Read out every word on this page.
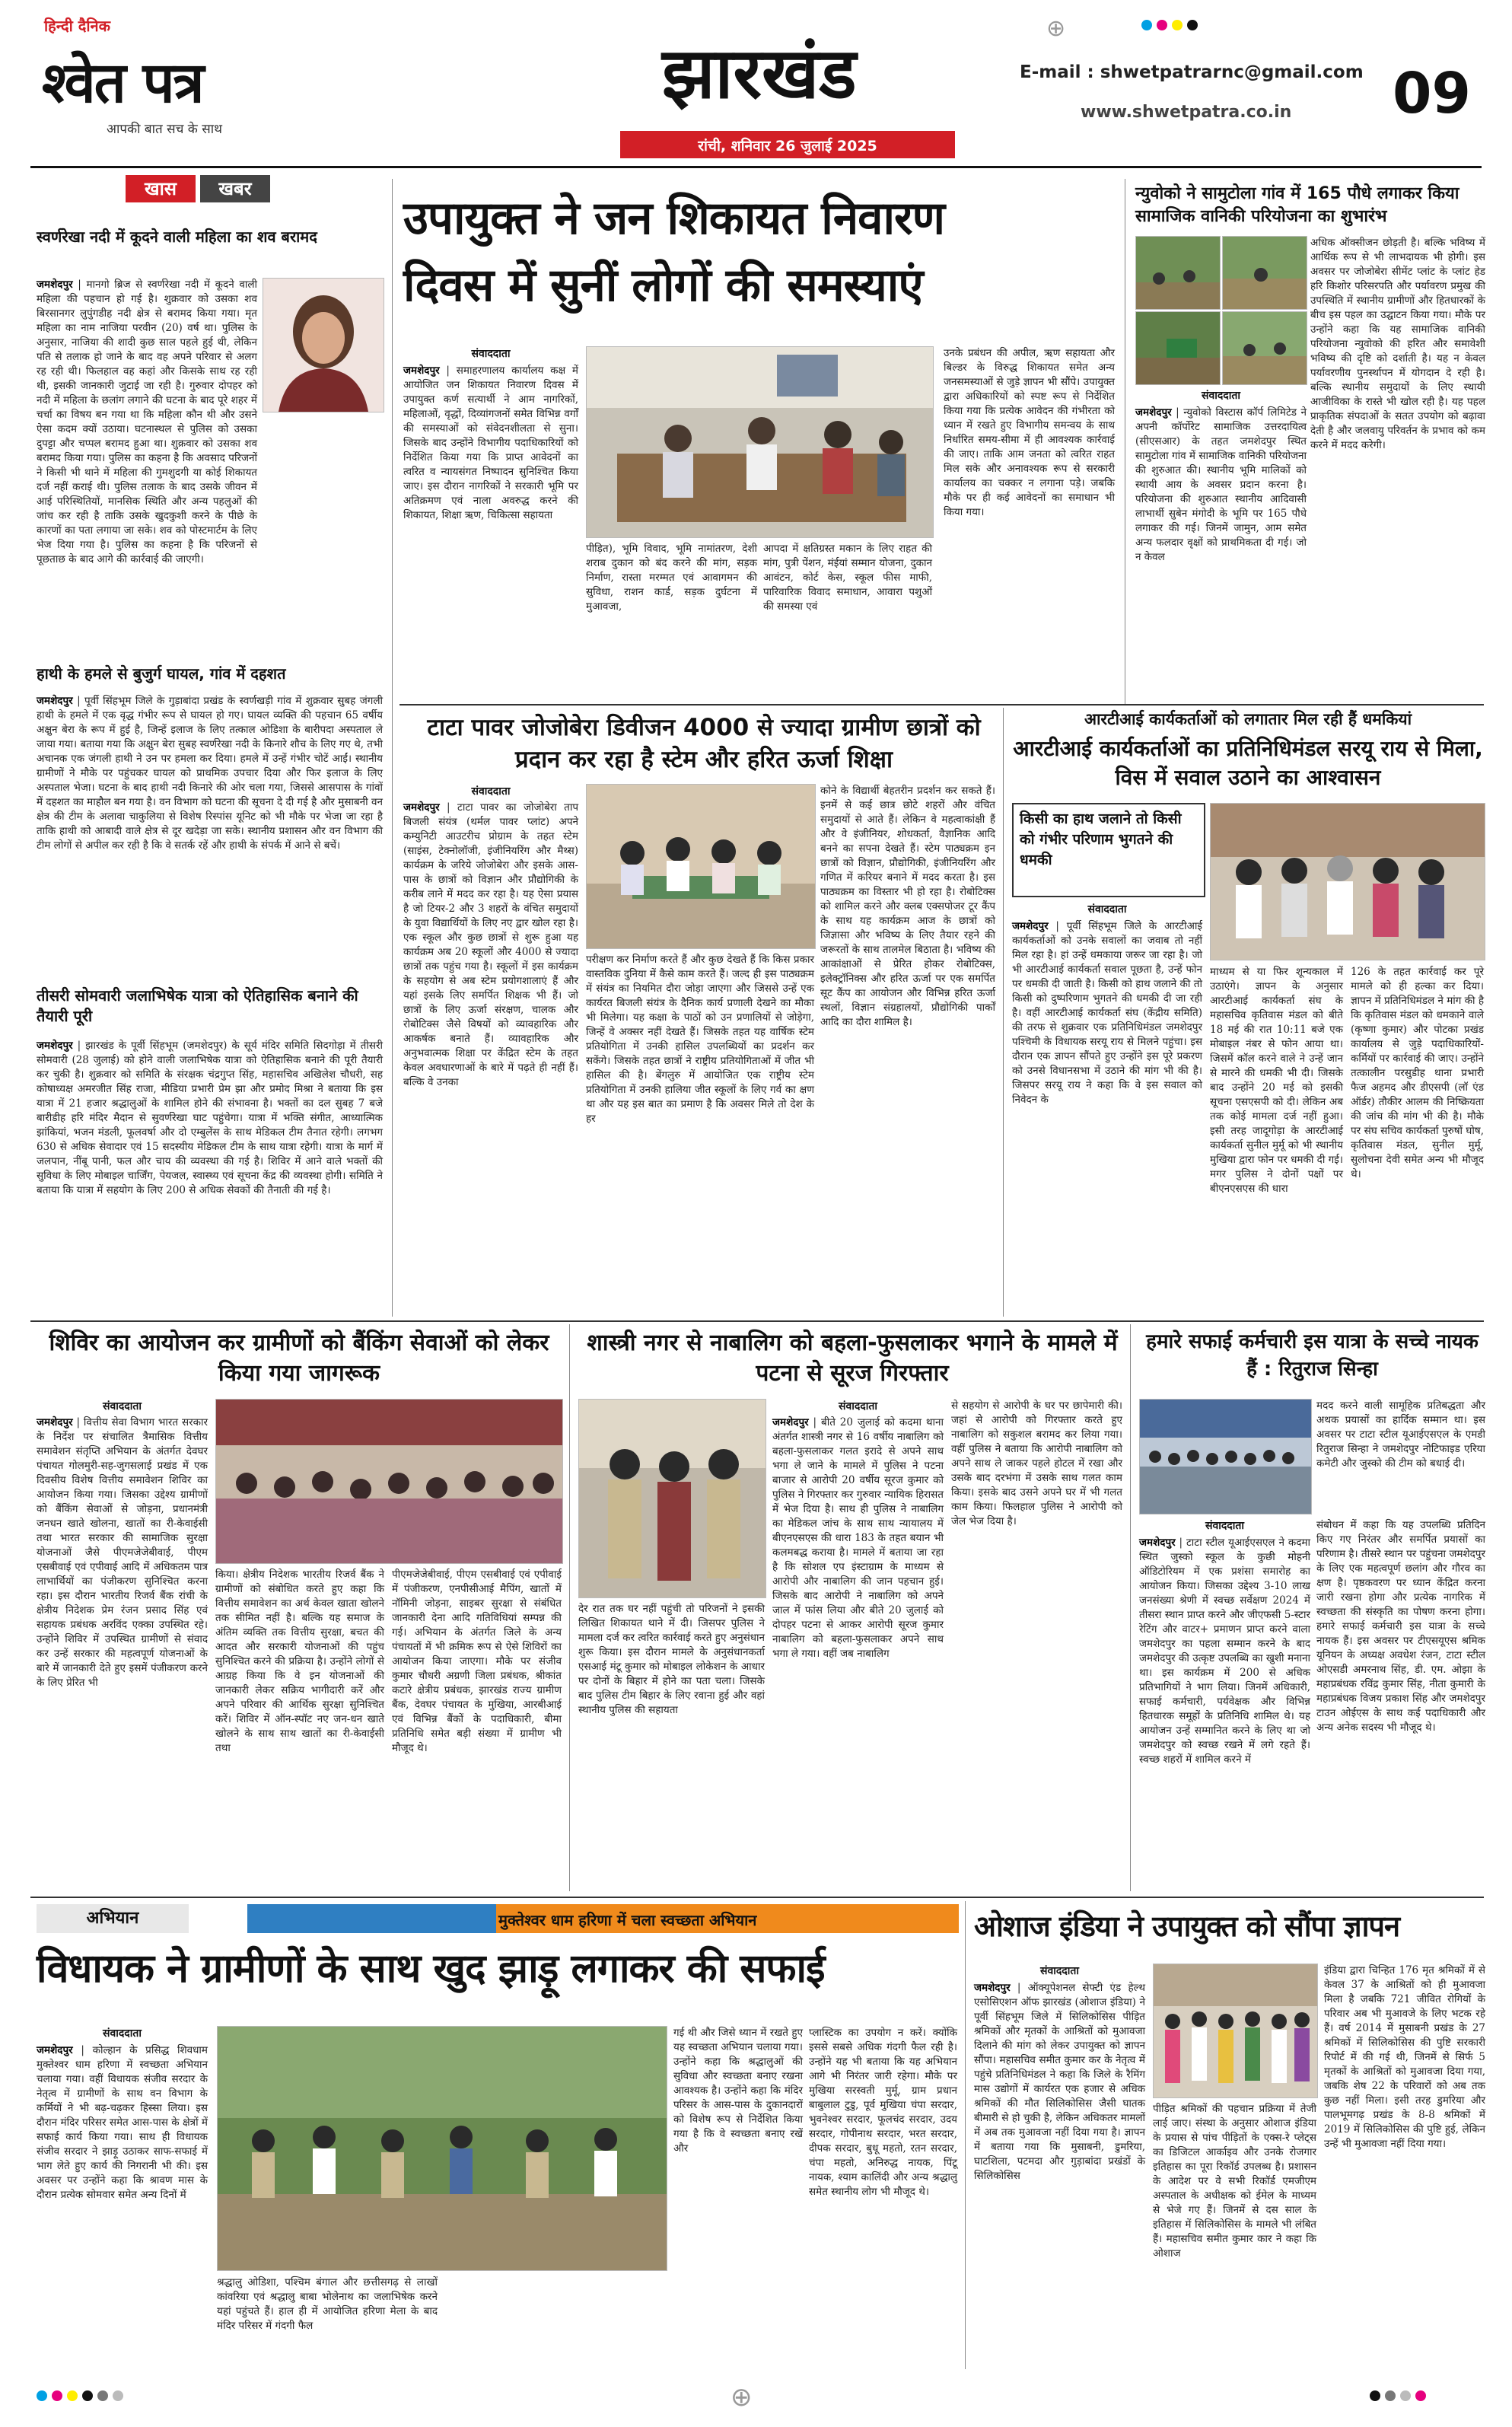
हिन्दी दैनिक
श्वेत पत्र
आपकी बात सच के साथ
झारखंड
रांची, शनिवार 26 जुलाई 2025
E-mail : shwetpatrarnc@gmail.com
www.shwetpatra.co.in 09
⊕
खास	खबर
स्वर्णरेखा नदी में कूदने वाली महिला का शव बरामद
जमशेदपुर | मानगो ब्रिज से स्वर्णरेखा नदी में कूदने वाली महिला की पहचान हो गई है। शुक्रवार को उसका शव बिरसानगर लुपुंगडीह नदी क्षेत्र से बरामद किया गया। मृत महिला का नाम नाजिया परवीन (20) वर्ष था। पुलिस के अनुसार, नाजिया की शादी कुछ साल पहले हुई थी, लेकिन पति से तलाक हो जाने के बाद वह अपने परिवार से अलग रह रही थी। फिलहाल वह कहां और किसके साथ रह रही थी, इसकी जानकारी जुटाई जा रही है। गुरुवार दोपहर को नदी में महिला के छलांग लगाने की घटना के बाद पूरे शहर में चर्चा का विषय बन गया था कि महिला कौन थी और उसने ऐसा कदम क्यों उठाया। घटनास्थल से पुलिस को उसका दुपट्टा और चप्पल बरामद हुआ था। शुक्रवार को उसका शव बरामद किया गया। पुलिस का कहना है कि अवसाद परिजनों ने किसी भी थाने में महिला की गुमशुदगी या कोई शिकायत दर्ज नहीं कराई थी। पुलिस तलाक के बाद उसके जीवन में आई परिस्थितियों, मानसिक स्थिति और अन्य पहलुओं की जांच कर रही है ताकि उसके खुदकुशी करने के पीछे के कारणों का पता लगाया जा सके। शव को पोस्टमार्टम के लिए भेज दिया गया है। पुलिस का कहना है कि परिजनों से पूछताछ के बाद आगे की कार्रवाई की जाएगी।
हाथी के हमले से बुजुर्ग घायल, गांव में दहशत
जमशेदपुर | पूर्वी सिंहभूम जिले के गुड़ाबांदा प्रखंड के स्वर्णखड़ी गांव में शुक्रवार सुबह जंगली हाथी के हमले में एक वृद्ध गंभीर रूप से घायल हो गए। घायल व्यक्ति की पहचान 65 वर्षीय अक्षुन बेरा के रूप में हुई है, जिन्हें इलाज के लिए तत्काल ओडिशा के बारीपदा अस्पताल ले जाया गया। बताया गया कि अक्षुन बेरा सुबह स्वर्णरेखा नदी के किनारे शौच के लिए गए थे, तभी अचानक एक जंगली हाथी ने उन पर हमला कर दिया। हमले में उन्हें गंभीर चोटें आईं। स्थानीय ग्रामीणों ने मौके पर पहुंचकर घायल को प्राथमिक उपचार दिया और फिर इलाज के लिए अस्पताल भेजा। घटना के बाद हाथी नदी किनारे की ओर चला गया, जिससे आसपास के गांवों में दहशत का माहौल बन गया है। वन विभाग को घटना की सूचना दे दी गई है और मुसाबनी वन क्षेत्र की टीम के अलावा चाकुलिया से विशेष रिस्पांस यूनिट को भी मौके पर भेजा जा रहा है ताकि हाथी को आबादी वाले क्षेत्र से दूर खदेड़ा जा सके। स्थानीय प्रशासन और वन विभाग की टीम लोगों से अपील कर रही है कि वे सतर्क रहें और हाथी के संपर्क में आने से बचें।
तीसरी सोमवारी जलाभिषेक यात्रा को ऐतिहासिक बनाने की तैयारी पूरी
जमशेदपुर | झारखंड के पूर्वी सिंहभूम (जमशेदपुर) के सूर्य मंदिर समिति सिदगोड़ा में तीसरी सोमवारी (28 जुलाई) को होने वाली जलाभिषेक यात्रा को ऐतिहासिक बनाने की पूरी तैयारी कर चुकी है। शुक्रवार को समिति के संरक्षक चंद्रगुप्त सिंह, महासचिव अखिलेश चौधरी, सह कोषाध्यक्ष अमरजीत सिंह राजा, मीडिया प्रभारी प्रेम झा और प्रमोद मिश्रा ने बताया कि इस यात्रा में 21 हजार श्रद्धालुओं के शामिल होने की संभावना है। भक्तों का दल सुबह 7 बजे बारीडीह हरि मंदिर मैदान से सुवर्णरेखा घाट पहुंचेगा। यात्रा में भक्ति संगीत, आध्यात्मिक झांकियां, भजन मंडली, फूलवर्षा और दो एम्बुलेंस के साथ मेडिकल टीम तैनात रहेगी। लगभग 630 से अधिक सेवादार एवं 15 सदस्यीय मेडिकल टीम के साथ यात्रा रहेगी। यात्रा के मार्ग में जलपान, नींबू पानी, फल और चाय की व्यवस्था की गई है। शिविर में आने वाले भक्तों की सुविधा के लिए मोबाइल चार्जिंग, पेयजल, स्वास्थ्य एवं सूचना केंद्र की व्यवस्था होगी। समिति ने बताया कि यात्रा में सहयोग के लिए 200 से अधिक सेवकों की तैनाती की गई है।
उपायुक्त ने जन शिकायत निवारण
दिवस में सुनीं लोगों की समस्याएं
संवाददाता
जमशेदपुर | समाहरणालय कार्यालय कक्ष में आयोजित जन शिकायत निवारण दिवस में उपायुक्त कर्ण सत्यार्थी ने आम नागरिकों, महिलाओं, वृद्धों, दिव्यांगजनों समेत विभिन्न वर्गों की समस्याओं को संवेदनशीलता से सुना। जिसके बाद उन्होंने विभागीय पदाधिकारियों को निर्देशित किया गया कि प्राप्त आवेदनों का त्वरित व न्यायसंगत निष्पादन सुनिश्चित किया जाए। इस दौरान नागरिकों ने सरकारी भूमि पर अतिक्रमण एवं नाला अवरुद्ध करने की शिकायत, शिक्षा ऋण, चिकित्सा सहायता
पीड़ित), भूमि विवाद, भूमि नामांतरण, देशी शराब दुकान को बंद करने की मांग, सड़क निर्माण, रास्ता मरम्मत एवं आवागमन की सुविधा, राशन कार्ड, सड़क दुर्घटना में मुआवजा,
आपदा में क्षतिग्रस्त मकान के लिए राहत की मांग, पुत्री पेंशन, मंईयां सम्मान योजना, दुकान आवंटन, कोर्ट केस, स्कूल फीस माफी, पारिवारिक विवाद समाधान, आवारा पशुओं की समस्या एवं
उनके प्रबंधन की अपील, ऋण सहायता और बिल्डर के विरुद्ध शिकायत समेत अन्य जनसमस्याओं से जुड़े ज्ञापन भी सौंपे। उपायुक्त द्वारा अधिकारियों को स्पष्ट रूप से निर्देशित किया गया कि प्रत्येक आवेदन की गंभीरता को ध्यान में रखते हुए विभागीय समन्वय के साथ निर्धारित समय-सीमा में ही आवश्यक कार्रवाई की जाए। ताकि आम जनता को त्वरित राहत मिल सके और अनावश्यक रूप से सरकारी कार्यालय का चक्कर न लगाना पड़े। जबकि मौके पर ही कई आवेदनों का समाधान भी किया गया।
न्युवोको ने सामुटोला गांव में 165 पौधे लगाकर किया सामाजिक वानिकी परियोजना का शुभारंभ
अधिक ऑक्सीजन छोड़ती है। बल्कि भविष्य में आर्थिक रूप से भी लाभदायक भी होगी। इस अवसर पर जोजोबेरा सीमेंट प्लांट के प्लांट हेड हरि किशोर परिसरपति और पर्यावरण प्रमुख की उपस्थिति में स्थानीय ग्रामीणों और हितधारकों के बीच इस पहल का उद्घाटन किया गया। मौके पर उन्होंने कहा कि यह सामाजिक वानिकी परियोजना न्युवोको की हरित और समावेशी भविष्य की दृष्टि को दर्शाती है। यह न केवल पर्यावरणीय पुनर्स्थापन में योगदान दे रही है। बल्कि स्थानीय समुदायों के लिए स्थायी आजीविका के रास्ते भी खोल रही है। यह पहल प्राकृतिक संपदाओं के सतत उपयोग को बढ़ावा देती है और जलवायु परिवर्तन के प्रभाव को कम करने में मदद करेगी।
संवाददाता
जमशेदपुर | न्युवोको विस्टास कॉर्प लिमिटेड ने अपनी कॉर्पोरेट सामाजिक उत्तरदायित्व (सीएसआर) के तहत जमशेदपुर स्थित सामुटोला गांव में सामाजिक वानिकी परियोजना की शुरुआत की। स्थानीय भूमि मालिकों को स्थायी आय के अवसर प्रदान करना है। परियोजना की शुरुआत स्थानीय आदिवासी लाभार्थी सुबेन मंगोदी के भूमि पर 165 पौधे लगाकर की गई। जिनमें जामुन, आम समेत अन्य फलदार वृक्षों को प्राथमिकता दी गई। जो न केवल
टाटा पावर जोजोबेरा डिवीजन 4000 से ज्यादा ग्रामीण छात्रों को प्रदान कर रहा है स्टेम और हरित ऊर्जा शिक्षा
संवाददाता
जमशेदपुर | टाटा पावर का जोजोबेरा ताप बिजली संयंत्र (थर्मल पावर प्लांट) अपने कम्युनिटी आउटरीच प्रोग्राम के तहत स्टेम (साइंस, टेक्नोलॉजी, इंजीनियरिंग और मैथ्स) कार्यक्रम के जरिये जोजोबेरा और इसके आस-पास के छात्रों को विज्ञान और प्रौद्योगिकी के करीब लाने में मदद कर रहा है। यह ऐसा प्रयास है जो टियर-2 और 3 शहरों के वंचित समुदायों के युवा विद्यार्थियों के लिए नए द्वार खोल रहा है। एक स्कूल और कुछ छात्रों से शुरू हुआ यह कार्यक्रम अब 20 स्कूलों और 4000 से ज्यादा छात्रों तक पहुंच गया है। स्कूलों में इस कार्यक्रम के सहयोग से अब स्टेम प्रयोगशालाएं हैं और यहां इसके लिए समर्पित शिक्षक भी हैं। जो छात्रों के लिए ऊर्जा संरक्षण, चालक और रोबोटिक्स जैसे विषयों को व्यावहारिक और आकर्षक बनाते हैं। व्यावहारिक और अनुभवात्मक शिक्षा पर केंद्रित स्टेम के तहत केवल अवधारणाओं के बारे में पढ़ते ही नहीं हैं। बल्कि वे उनका
कोने के विद्यार्थी बेहतरीन प्रदर्शन कर सकते हैं। इनमें से कई छात्र छोटे शहरों और वंचित समुदायों से आते हैं। लेकिन वे महत्वाकांक्षी हैं और वे इंजीनियर, शोधकर्ता, वैज्ञानिक आदि बनने का सपना देखते हैं। स्टेम पाठ्यक्रम इन छात्रों को विज्ञान, प्रौद्योगिकी, इंजीनियरिंग और गणित में करियर बनाने में मदद करता है। इस पाठ्यक्रम का विस्तार भी हो रहा है। रोबोटिक्स को शामिल करने और क्लब एक्सपोजर टूर कैंप के साथ यह कार्यक्रम आज के छात्रों को जिज्ञासा और भविष्य के लिए तैयार रहने की जरूरतों के साथ तालमेल बिठाता है। भविष्य की आकांक्षाओं से प्रेरित होकर रोबोटिक्स, इलेक्ट्रॉनिक्स और हरित ऊर्जा पर एक समर्पित सूट कैंप का आयोजन और विभिन्न हरित ऊर्जा स्थलों, विज्ञान संग्रहालयों, प्रौद्योगिकी पार्कों आदि का दौरा शामिल है।
परीक्षण कर निर्माण करते हैं और कुछ देखते हैं कि किस प्रकार वास्तविक दुनिया में कैसे काम करते हैं। जल्द ही इस पाठ्यक्रम में संयंत्र का नियमित दौरा जोड़ा जाएगा और जिससे उन्हें एक कार्यरत बिजली संयंत्र के दैनिक कार्य प्रणाली देखने का मौका भी मिलेगा। यह कक्षा के पाठों को उन प्रणालियों से जोड़ेगा, जिन्हें वे अक्सर नहीं देखते हैं। जिसके तहत यह वार्षिक स्टेम प्रतियोगिता में उनकी हासिल उपलब्धियों का प्रदर्शन कर सकेंगे। जिसके तहत छात्रों ने राष्ट्रीय प्रतियोगिताओं में जीत भी हासिल की है। बेंगलुरु में आयोजित एक राष्ट्रीय स्टेम प्रतियोगिता में उनकी हालिया जीत स्कूलों के लिए गर्व का क्षण था और यह इस बात का प्रमाण है कि अवसर मिले तो देश के हर
आरटीआई कार्यकर्ताओं को लगातार मिल रही हैं धमकियां
आरटीआई कार्यकर्ताओं का प्रतिनिधिमंडल सरयू राय से मिला, विस में सवाल उठाने का आश्वासन
किसी का हाथ जलाने तो किसी को गंभीर परिणाम भुगतने की धमकी
संवाददाता
जमशेदपुर | पूर्वी सिंहभूम जिले के आरटीआई कार्यकर्ताओं को उनके सवालों का जवाब तो नहीं मिल रहा है। हां उन्हें धमकाया जरूर जा रहा है। जो भी आरटीआई कार्यकर्ता सवाल पूछता है, उन्हें फोन पर धमकी दी जाती है। किसी को हाथ जलाने की तो किसी को दुष्परिणाम भुगतने की धमकी दी जा रही है। वहीं आरटीआई कार्यकर्ता संघ (केंद्रीय समिति) की तरफ से शुक्रवार एक प्रतिनिधिमंडल जमशेदपुर पश्चिमी के विधायक सरयू राय से मिलने पहुंचा। इस दौरान एक ज्ञापन सौंपते हुए उन्होंने इस पूरे प्रकरण को उनसे विधानसभा में उठाने की मांग भी की है। जिसपर सरयू राय ने कहा कि वे इस सवाल को निवेदन के
माध्यम से या फिर शून्यकाल में उठाएंगे। ज्ञापन के अनुसार आरटीआई कार्यकर्ता संघ के महासचिव कृतिवास मंडल को बीते 18 मई की रात 10:11 बजे एक मोबाइल नंबर से फोन आया था। जिसमें कॉल करने वाले ने उन्हें जान से मारने की धमकी भी दी। जिसके बाद उन्होंने 20 मई को इसकी सूचना एसएसपी को दी। लेकिन अब तक कोई मामला दर्ज नहीं हुआ। इसी तरह जादूगोड़ा के आरटीआई कार्यकर्ता सुनील मुर्मू को भी स्थानीय मुखिया द्वारा फोन पर धमकी दी गई। मगर पुलिस ने दोनों पक्षों पर बीएनएसएस की धारा
126 के तहत कार्रवाई कर पूरे मामले को ही हल्का कर दिया। ज्ञापन में प्रतिनिधिमंडल ने मांग की है कि कृतिवास मंडल को धमकाने वाले (कृष्णा कुमार) और पोटका प्रखंड कार्यालय से जुड़े पदाधिकारियों-कर्मियों पर कार्रवाई की जाए। उन्होंने तत्कालीन परसुडीह थाना प्रभारी फैज अहमद और डीएसपी (लॉ एंड ऑर्डर) तौकीर आलम की निष्क्रियता की जांच की मांग भी की है। मौके पर संघ सचिव कार्यकर्ता पुरुषों घोष, कृतिवास मंडल, सुनील मुर्मू, सुलोचना देवी समेत अन्य भी मौजूद थे।
शिविर का आयोजन कर ग्रामीणों को बैंकिंग सेवाओं को लेकर किया गया जागरूक
संवाददाता
जमशेदपुर | वित्तीय सेवा विभाग भारत सरकार के निर्देश पर संचालित त्रैमासिक वित्तीय समावेशन संतृप्ति अभियान के अंतर्गत देवघर पंचायत गोलमुरी-सह-जुगसलाई प्रखंड में एक दिवसीय विशेष वित्तीय समावेशन शिविर का आयोजन किया गया। जिसका उद्देश्य ग्रामीणों को बैंकिंग सेवाओं से जोड़ना, प्रधानमंत्री जनधन खाते खोलना, खातों का री-केवाईसी तथा भारत सरकार की सामाजिक सुरक्षा योजनाओं जैसे पीएमजेजेबीवाई, पीएम एसबीवाई एवं एपीवाई आदि में अधिकतम पात्र लाभार्थियों का पंजीकरण सुनिश्चित करना रहा। इस दौरान भारतीय रिजर्व बैंक रांची के क्षेत्रीय निदेशक प्रेम रंजन प्रसाद सिंह एवं सहायक प्रबंधक अरविंद एक्का उपस्थित रहे। उन्होंने शिविर में उपस्थित ग्रामीणों से संवाद कर उन्हें सरकार की महत्वपूर्ण योजनाओं के बारे में जानकारी देते हुए इसमें पंजीकरण करने के लिए प्रेरित भी
किया। क्षेत्रीय निदेशक भारतीय रिजर्व बैंक ने ग्रामीणों को संबोधित करते हुए कहा कि वित्तीय समावेशन का अर्थ केवल खाता खोलने तक सीमित नहीं है। बल्कि यह समाज के अंतिम व्यक्ति तक वित्तीय सुरक्षा, बचत की आदत और सरकारी योजनाओं की पहुंच सुनिश्चित करने की प्रक्रिया है। उन्होंने लोगों से आग्रह किया कि वे इन योजनाओं की जानकारी लेकर सक्रिय भागीदारी करें और अपने परिवार की आर्थिक सुरक्षा सुनिश्चित करें। शिविर में ऑन-स्पॉट नए जन-धन खाते खोलने के साथ साथ खातों का री-केवाईसी तथा
पीएमजेजेबीवाई, पीएम एसबीवाई एवं एपीवाई में पंजीकरण, एनपीसीआई मैपिंग, खातों में नॉमिनी जोड़ना, साइबर सुरक्षा से संबंधित जानकारी देना आदि गतिविधियां सम्पन्न की गई। अभियान के अंतर्गत जिले के अन्य पंचायतों में भी क्रमिक रूप से ऐसे शिविरों का आयोजन किया जाएगा। मौके पर संजीव कुमार चौधरी अग्रणी जिला प्रबंधक, श्रीकांत कटारे क्षेत्रीय प्रबंधक, झारखंड राज्य ग्रामीण बैंक, देवघर पंचायत के मुखिया, आरबीआई एवं विभिन्न बैंकों के पदाधिकारी, बीमा प्रतिनिधि समेत बड़ी संख्या में ग्रामीण भी मौजूद थे।
शास्त्री नगर से नाबालिग को बहला-फुसलाकर भगाने के मामले में पटना से सूरज गिरफ्तार
संवाददाता
जमशेदपुर | बीते 20 जुलाई को कदमा थाना अंतर्गत शास्त्री नगर से 16 वर्षीय नाबालिग को बहला-फुसलाकर गलत इरादे से अपने साथ भगा ले जाने के मामले में पुलिस ने पटना बाजार से आरोपी 20 वर्षीय सूरज कुमार को पुलिस ने गिरफ्तार कर गुरुवार न्यायिक हिरासत में भेज दिया है। साथ ही पुलिस ने नाबालिग का मेडिकल जांच के साथ साथ न्यायालय में बीएनएसएस की धारा 183 के तहत बयान भी कलमबद्ध कराया है। मामले में बताया जा रहा है कि सोशल एप इंस्टाग्राम के माध्यम से आरोपी और नाबालिग की जान पहचान हुई। जिसके बाद आरोपी ने नाबालिग को अपने जाल में फांस लिया और बीते 20 जुलाई को दोपहर पटना से आकर आरोपी सूरज कुमार नाबालिग को बहला-फुसलाकर अपने साथ भगा ले गया। वहीं जब नाबालिग
देर रात तक घर नहीं पहुंची तो परिजनों ने इसकी लिखित शिकायत थाने में दी। जिसपर पुलिस ने मामला दर्ज कर त्वरित कार्रवाई करते हुए अनुसंधान शुरू किया। इस दौरान मामले के अनुसंधानकर्ता एसआई मंटू कुमार को मोबाइल लोकेशन के आधार पर दोनों के बिहार में होने का पता चला। जिसके बाद पुलिस टीम बिहार के लिए रवाना हुई और वहां स्थानीय पुलिस की सहायता
से सहयोग से आरोपी के घर पर छापेमारी की। जहां से आरोपी को गिरफ्तार करते हुए नाबालिग को सकुशल बरामद कर लिया गया। वहीं पुलिस ने बताया कि आरोपी नाबालिग को अपने साथ ले जाकर पहले होटल में रखा और उसके बाद दरभंगा में उसके साथ गलत काम किया। इसके बाद उसने अपने घर में भी गलत काम किया। फिलहाल पुलिस ने आरोपी को जेल भेज दिया है।
हमारे सफाई कर्मचारी इस यात्रा के सच्चे नायक हैं : रितुराज सिन्हा
मदद करने वाली सामूहिक प्रतिबद्धता और अथक प्रयासों का हार्दिक सम्मान था। इस अवसर पर टाटा स्टील यूआईएसएल के एमडी रितुराज सिन्हा ने जमशेदपुर नोटिफाइड एरिया कमेटी और जुस्को की टीम को बधाई दी।
संवाददाता
जमशेदपुर | टाटा स्टील यूआईएसएल ने कदमा स्थित जुस्को स्कूल के कुछी मोहनी ऑडिटोरियम में एक प्रशंसा समारोह का आयोजन किया। जिसका उद्देश्य 3-10 लाख जनसंख्या श्रेणी में स्वच्छ सर्वेक्षण 2024 में तीसरा स्थान प्राप्त करने और जीएफसी 5-स्टार रेटिंग और वाटर+ प्रमाणन प्राप्त करने वाला जमशेदपुर का पहला सम्मान करने के बाद जमशेदपुर की उत्कृष्ट उपलब्धि का खुशी मनाना था। इस कार्यक्रम में 200 से अधिक प्रतिभागियों ने भाग लिया। जिनमें अधिकारी, सफाई कर्मचारी, पर्यवेक्षक और विभिन्न हितधारक समूहों के प्रतिनिधि शामिल थे। यह आयोजन उन्हें सम्मानित करने के लिए था जो जमशेदपुर को स्वच्छ रखने में लगे रहते हैं। स्वच्छ शहरों में शामिल करने में
संबोधन में कहा कि यह उपलब्धि प्रतिदिन किए गए निरंतर और समर्पित प्रयासों का परिणाम है। तीसरे स्थान पर पहुंचना जमशेदपुर के लिए एक महत्वपूर्ण छलांग और गौरव का क्षण है। पृष्ठकवरण पर ध्यान केंद्रित करना जारी रखना होगा और प्रत्येक नागरिक में स्वच्छता की संस्कृति का पोषण करना होगा। हमारे सफाई कर्मचारी इस यात्रा के सच्चे नायक हैं। इस अवसर पर टीएसयूएस श्रमिक यूनियन के अध्यक्ष अवधेश रंजन, टाटा स्टील ओएसडी अमरनाथ सिंह, डी. एम. ओझा के महाप्रबंधक रविंद्र कुमार सिंह, नीता कुमारी के महाप्रबंधक विजय प्रकाश सिंह और जमशेदपुर टाउन ओईएस के साथ कई पदाधिकारी और अन्य अनेक सदस्य भी मौजूद थे।
अभियान	मुक्तेश्वर धाम हरिणा में चला स्वच्छता अभियान
विधायक ने ग्रामीणों के साथ खुद झाड़ू लगाकर की सफाई
संवाददाता
जमशेदपुर | कोल्हान के प्रसिद्ध शिवधाम मुक्तेश्वर धाम हरिणा में स्वच्छता अभियान चलाया गया। वहीं विधायक संजीव सरदार के नेतृत्व में ग्रामीणों के साथ वन विभाग के कर्मियों ने भी बढ़-चढ़कर हिस्सा लिया। इस दौरान मंदिर परिसर समेत आस-पास के क्षेत्रों में सफाई कार्य किया गया। साथ ही विधायक संजीव सरदार ने झाड़ू उठाकर साफ-सफाई में भाग लेते हुए कार्य की निगरानी भी की। इस अवसर पर उन्होंने कहा कि श्रावण मास के दौरान प्रत्येक सोमवार समेत अन्य दिनों में
श्रद्धालु ओडिशा, पश्चिम बंगाल और छत्तीसगढ़ से लाखों कांवरिया एवं श्रद्धालु बाबा भोलेनाथ का जलाभिषेक करने यहां पहुंचते हैं। हाल ही में आयोजित हरिणा मेला के बाद मंदिर परिसर में गंदगी फैल
गई थी और जिसे ध्यान में रखते हुए यह स्वच्छता अभियान चलाया गया। उन्होंने कहा कि श्रद्धालुओं की सुविधा और स्वच्छता बनाए रखना आवश्यक है। उन्होंने कहा कि मंदिर परिसर के आस-पास के दुकानदारों को विशेष रूप से निर्देशित किया गया है कि वे स्वच्छता बनाए रखें और
प्लास्टिक का उपयोग न करें। क्योंकि इससे सबसे अधिक गंदगी फैल रही है। उन्होंने यह भी बताया कि यह अभियान आगे भी निरंतर जारी रहेगा। मौके पर मुखिया सरस्वती मुर्मू, ग्राम प्रधान बाबुलाल टुडु, पूर्व मुखिया चंपा सरदार, भुवनेश्वर सरदार, फूलचंद सरदार, उदय सरदार, गोपीनाथ सरदार, भरत सरदार, दीपक सरदार, बुधू महतो, रतन सरदार, चंपा महतो, अनिरुद्ध नायक, पिंटू नायक, श्याम कालिंदी और अन्य श्रद्धालु समेत स्थानीय लोग भी मौजूद थे।
ओशाज इंडिया ने उपायुक्त को सौंपा ज्ञापन
संवाददाता
जमशेदपुर | ऑक्यूपेशनल सेफ्टी एंड हेल्थ एसोसिएशन ऑफ झारखंड (ओशाज इंडिया) ने पूर्वी सिंहभूम जिले में सिलिकोसिस पीड़ित श्रमिकों और मृतकों के आश्रितों को मुआवजा दिलाने की मांग को लेकर उपायुक्त को ज्ञापन सौंपा। महासचिव समीत कुमार कर के नेतृत्व में पहुंचे प्रतिनिधिमंडल ने कहा कि जिले के रैमिंग मास उद्योगों में कार्यरत एक हजार से अधिक श्रमिकों की मौत सिलिकोसिस जैसी घातक बीमारी से हो चुकी है, लेकिन अधिकतर मामलों में अब तक मुआवजा नहीं दिया गया है। ज्ञापन में बताया गया कि मुसाबनी, डुमरिया, घाटशिला, पटमदा और गुड़ाबांदा प्रखंडों के सिलिकोसिस
पीड़ित श्रमिकों की पहचान प्रक्रिया में तेजी लाई जाए। संस्था के अनुसार ओशाज इंडिया के प्रयास से पांच पीड़ितों के एक्स-रे प्लेट्स का डिजिटल आर्काइव और उनके रोजगार इतिहास का पूरा रिकॉर्ड उपलब्ध है। प्रशासन के आदेश पर वे सभी रिकॉर्ड एमजीएम अस्पताल के अधीक्षक को ईमेल के माध्यम से भेजे गए हैं। जिनमें से दस साल के इतिहास में सिलिकोसिस के मामले भी लंबित हैं। महासचिव समीत कुमार कार ने कहा कि ओशाज
इंडिया द्वारा चिन्हित 176 मृत श्रमिकों में से केवल 37 के आश्रितों को ही मुआवजा मिला है जबकि 721 जीवित रोगियों के परिवार अब भी मुआवजे के लिए भटक रहे हैं। वर्ष 2014 में मुसाबनी प्रखंड के 27 श्रमिकों में सिलिकोसिस की पुष्टि सरकारी रिपोर्ट में की गई थी, जिनमें से सिर्फ 5 मृतकों के आश्रितों को मुआवजा दिया गया, जबकि शेष 22 के परिवारों को अब तक कुछ नहीं मिला। इसी तरह डुमरिया और पालभूमगढ़ प्रखंड के 8-8 श्रमिकों में 2019 में सिलिकोसिस की पुष्टि हुई, लेकिन उन्हें भी मुआवजा नहीं दिया गया।
⊕
